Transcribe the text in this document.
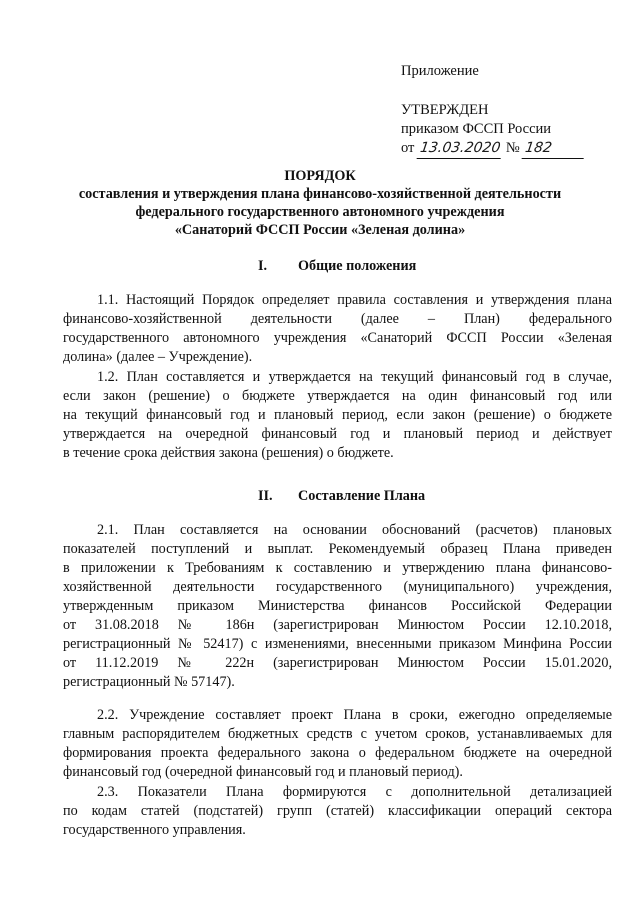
Приложение
УТВЕРЖДЕН
приказом ФССП России
от 13.03.2020 № 182
ПОРЯДОК
составления и утверждения плана финансово-хозяйственной деятельности
федерального государственного автономного учреждения
«Санаторий ФССП России «Зеленая долина»
I. Общие положения
1.1. Настоящий Порядок определяет правила составления и утверждения плана
финансово-хозяйственной деятельности (далее – План) федерального
государственного автономного учреждения «Санаторий ФССП России «Зеленая
долина» (далее – Учреждение).
1.2. План составляется и утверждается на текущий финансовый год в случае,
если закон (решение) о бюджете утверждается на один финансовый год или
на текущий финансовый год и плановый период, если закон (решение) о бюджете
утверждается на очередной финансовый год и плановый период и действует
в течение срока действия закона (решения) о бюджете.
II. Составление Плана
2.1. План составляется на основании обоснований (расчетов) плановых
показателей поступлений и выплат. Рекомендуемый образец Плана приведен
в приложении к Требованиям к составлению и утверждению плана финансово-
хозяйственной деятельности государственного (муниципального) учреждения,
утвержденным приказом Министерства финансов Российской Федерации
от 31.08.2018 № 186н (зарегистрирован Минюстом России 12.10.2018,
регистрационный № 52417) с изменениями, внесенными приказом Минфина России
от 11.12.2019 № 222н (зарегистрирован Минюстом России 15.01.2020,
регистрационный № 57147).
2.2. Учреждение составляет проект Плана в сроки, ежегодно определяемые
главным распорядителем бюджетных средств с учетом сроков, устанавливаемых для
формирования проекта федерального закона о федеральном бюджете на очередной
финансовый год (очередной финансовый год и плановый период).
2.3. Показатели Плана формируются с дополнительной детализацией
по кодам статей (подстатей) групп (статей) классификации операций сектора
государственного управления.
